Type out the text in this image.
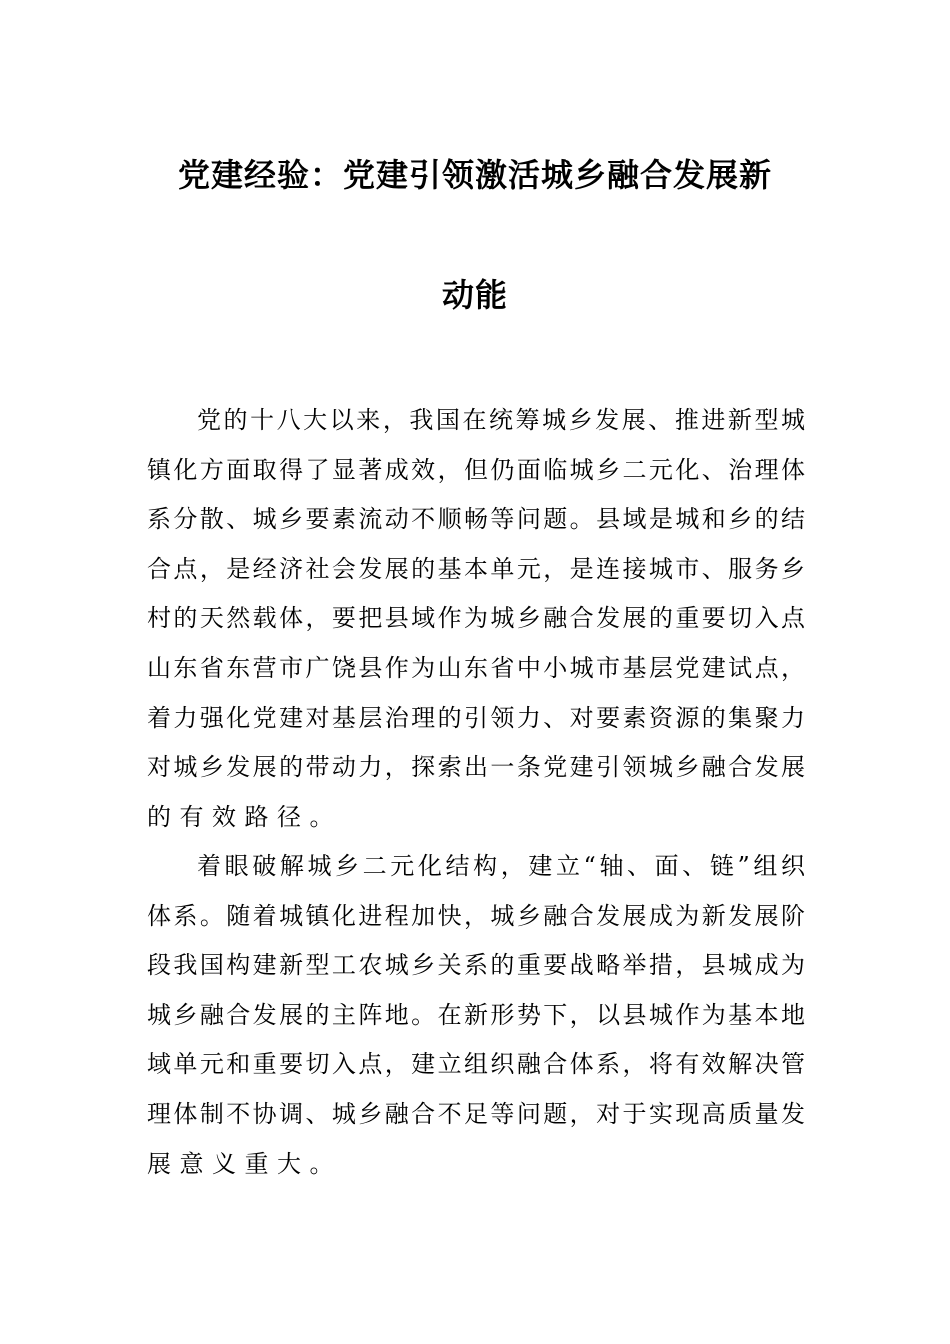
党建经验：党建引领激活城乡融合发展新
动能
党的十八大以来，我国在统筹城乡发展、推进新型城
镇化方面取得了显著成效，但仍面临城乡二元化、治理体
系分散、城乡要素流动不顺畅等问题。县域是城和乡的结
合点，是经济社会发展的基本单元，是连接城市、服务乡
村的天然载体，要把县域作为城乡融合发展的重要切入点
山东省东营市广饶县作为山东省中小城市基层党建试点，
着力强化党建对基层治理的引领力、对要素资源的集聚力
对城乡发展的带动力，探索出一条党建引领城乡融合发展
的有效路径。
着眼破解城乡二元化结构，建立“轴、面、链”组织
体系。随着城镇化进程加快，城乡融合发展成为新发展阶
段我国构建新型工农城乡关系的重要战略举措，县城成为
城乡融合发展的主阵地。在新形势下，以县城作为基本地
域单元和重要切入点，建立组织融合体系，将有效解决管
理体制不协调、城乡融合不足等问题，对于实现高质量发
展意义重大。
